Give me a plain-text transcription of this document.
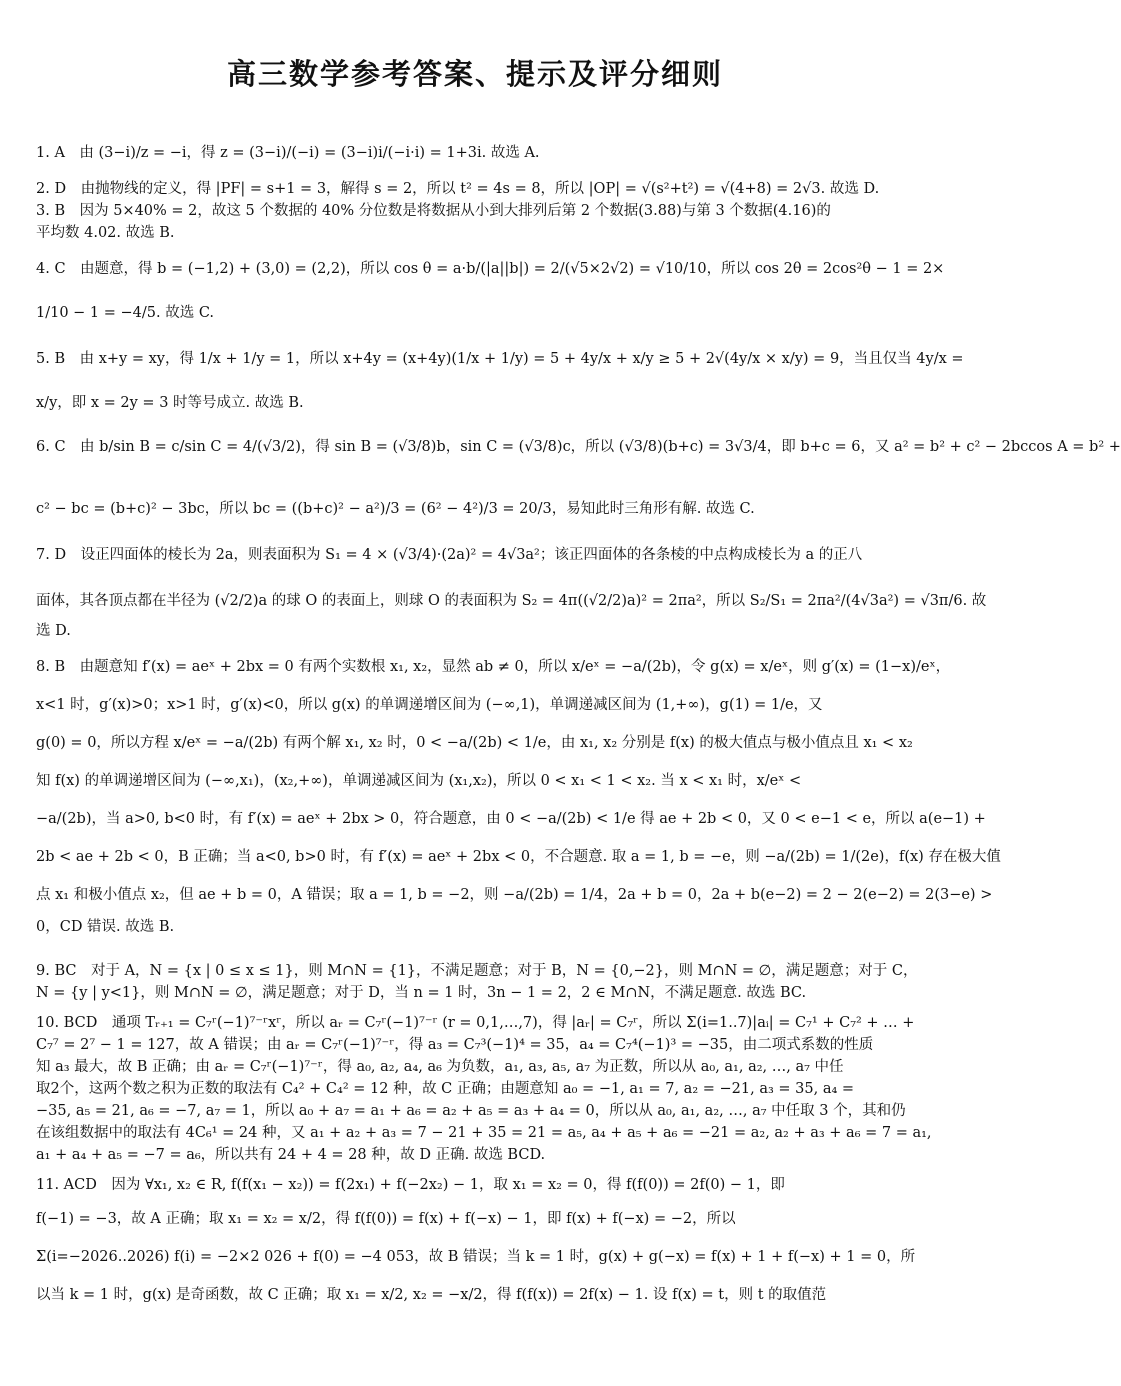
高三数学参考答案、提示及评分细则
1. A　由 (3−i)/z = −i，得 z = (3−i)/(−i) = (3−i)i/(−i·i) = 1+3i. 故选 A.
2. D　由抛物线的定义，得 |PF| = s+1 = 3，解得 s = 2，所以 t² = 4s = 8，所以 |OP| = √(s²+t²) = √(4+8) = 2√3. 故选 D.
3. B　因为 5×40% = 2，故这 5 个数据的 40% 分位数是将数据从小到大排列后第 2 个数据(3.88)与第 3 个数据(4.16)的
平均数 4.02. 故选 B.
4. C　由题意，得 b = (−1,2) + (3,0) = (2,2)，所以 cos θ = a·b/(|a||b|) = 2/(√5×2√2) = √10/10，所以 cos 2θ = 2cos²θ − 1 = 2×
1/10 − 1 = −4/5. 故选 C.
5. B　由 x+y = xy，得 1/x + 1/y = 1，所以 x+4y = (x+4y)(1/x + 1/y) = 5 + 4y/x + x/y ≥ 5 + 2√(4y/x × x/y) = 9，当且仅当 4y/x =
x/y，即 x = 2y = 3 时等号成立. 故选 B.
6. C　由 b/sin B = c/sin C = 4/(√3/2)，得 sin B = (√3/8)b，sin C = (√3/8)c，所以 (√3/8)(b+c) = 3√3/4，即 b+c = 6，又 a² = b² + c² − 2bccos A = b² +
c² − bc = (b+c)² − 3bc，所以 bc = ((b+c)² − a²)/3 = (6² − 4²)/3 = 20/3，易知此时三角形有解. 故选 C.
7. D　设正四面体的棱长为 2a，则表面积为 S₁ = 4 × (√3/4)·(2a)² = 4√3a²；该正四面体的各条棱的中点构成棱长为 a 的正八
面体，其各顶点都在半径为 (√2/2)a 的球 O 的表面上，则球 O 的表面积为 S₂ = 4π((√2/2)a)² = 2πa²，所以 S₂/S₁ = 2πa²/(4√3a²) = √3π/6. 故
选 D.
8. B　由题意知 f′(x) = aeˣ + 2bx = 0 有两个实数根 x₁, x₂，显然 ab ≠ 0，所以 x/eˣ = −a/(2b)，令 g(x) = x/eˣ，则 g′(x) = (1−x)/eˣ，
x<1 时，g′(x)>0；x>1 时，g′(x)<0，所以 g(x) 的单调递增区间为 (−∞,1)，单调递减区间为 (1,+∞)，g(1) = 1/e，又
g(0) = 0，所以方程 x/eˣ = −a/(2b) 有两个解 x₁, x₂ 时，0 < −a/(2b) < 1/e，由 x₁, x₂ 分别是 f(x) 的极大值点与极小值点且 x₁ < x₂
知 f(x) 的单调递增区间为 (−∞,x₁)，(x₂,+∞)，单调递减区间为 (x₁,x₂)，所以 0 < x₁ < 1 < x₂. 当 x < x₁ 时，x/eˣ <
−a/(2b)，当 a>0, b<0 时，有 f′(x) = aeˣ + 2bx > 0，符合题意，由 0 < −a/(2b) < 1/e 得 ae + 2b < 0，又 0 < e−1 < e，所以 a(e−1) +
2b < ae + 2b < 0，B 正确；当 a<0, b>0 时，有 f′(x) = aeˣ + 2bx < 0，不合题意. 取 a = 1, b = −e，则 −a/(2b) = 1/(2e)，f(x) 存在极大值
点 x₁ 和极小值点 x₂，但 ae + b = 0，A 错误；取 a = 1, b = −2，则 −a/(2b) = 1/4，2a + b = 0，2a + b(e−2) = 2 − 2(e−2) = 2(3−e) >
0，CD 错误. 故选 B.
9. BC　对于 A，N = {x | 0 ≤ x ≤ 1}，则 M∩N = {1}，不满足题意；对于 B，N = {0,−2}，则 M∩N = ∅，满足题意；对于 C，
N = {y | y<1}，则 M∩N = ∅，满足题意；对于 D，当 n = 1 时，3n − 1 = 2，2 ∈ M∩N，不满足题意. 故选 BC.
10. BCD　通项 Tᵣ₊₁ = C₇ʳ(−1)⁷⁻ʳxʳ，所以 aᵣ = C₇ʳ(−1)⁷⁻ʳ (r = 0,1,…,7)，得 |aᵣ| = C₇ʳ，所以 Σ(i=1..7)|aᵢ| = C₇¹ + C₇² + … +
C₇⁷ = 2⁷ − 1 = 127，故 A 错误；由 aᵣ = C₇ʳ(−1)⁷⁻ʳ，得 a₃ = C₇³(−1)⁴ = 35，a₄ = C₇⁴(−1)³ = −35，由二项式系数的性质
知 a₃ 最大，故 B 正确；由 aᵣ = C₇ʳ(−1)⁷⁻ʳ，得 a₀, a₂, a₄, a₆ 为负数，a₁, a₃, a₅, a₇ 为正数，所以从 a₀, a₁, a₂, …, a₇ 中任
取2个，这两个数之积为正数的取法有 C₄² + C₄² = 12 种，故 C 正确；由题意知 a₀ = −1, a₁ = 7, a₂ = −21, a₃ = 35, a₄ =
−35, a₅ = 21, a₆ = −7, a₇ = 1，所以 a₀ + a₇ = a₁ + a₆ = a₂ + a₅ = a₃ + a₄ = 0，所以从 a₀, a₁, a₂, …, a₇ 中任取 3 个，其和仍
在该组数据中的取法有 4C₆¹ = 24 种，又 a₁ + a₂ + a₃ = 7 − 21 + 35 = 21 = a₅, a₄ + a₅ + a₆ = −21 = a₂, a₂ + a₃ + a₆ = 7 = a₁,
a₁ + a₄ + a₅ = −7 = a₆，所以共有 24 + 4 = 28 种，故 D 正确. 故选 BCD.
11. ACD　因为 ∀x₁, x₂ ∈ R, f(f(x₁ − x₂)) = f(2x₁) + f(−2x₂) − 1，取 x₁ = x₂ = 0，得 f(f(0)) = 2f(0) − 1，即
f(−1) = −3，故 A 正确；取 x₁ = x₂ = x/2，得 f(f(0)) = f(x) + f(−x) − 1，即 f(x) + f(−x) = −2，所以
Σ(i=−2026..2026) f(i) = −2×2 026 + f(0) = −4 053，故 B 错误；当 k = 1 时，g(x) + g(−x) = f(x) + 1 + f(−x) + 1 = 0，所
以当 k = 1 时，g(x) 是奇函数，故 C 正确；取 x₁ = x/2, x₂ = −x/2，得 f(f(x)) = 2f(x) − 1. 设 f(x) = t，则 t 的取值范
